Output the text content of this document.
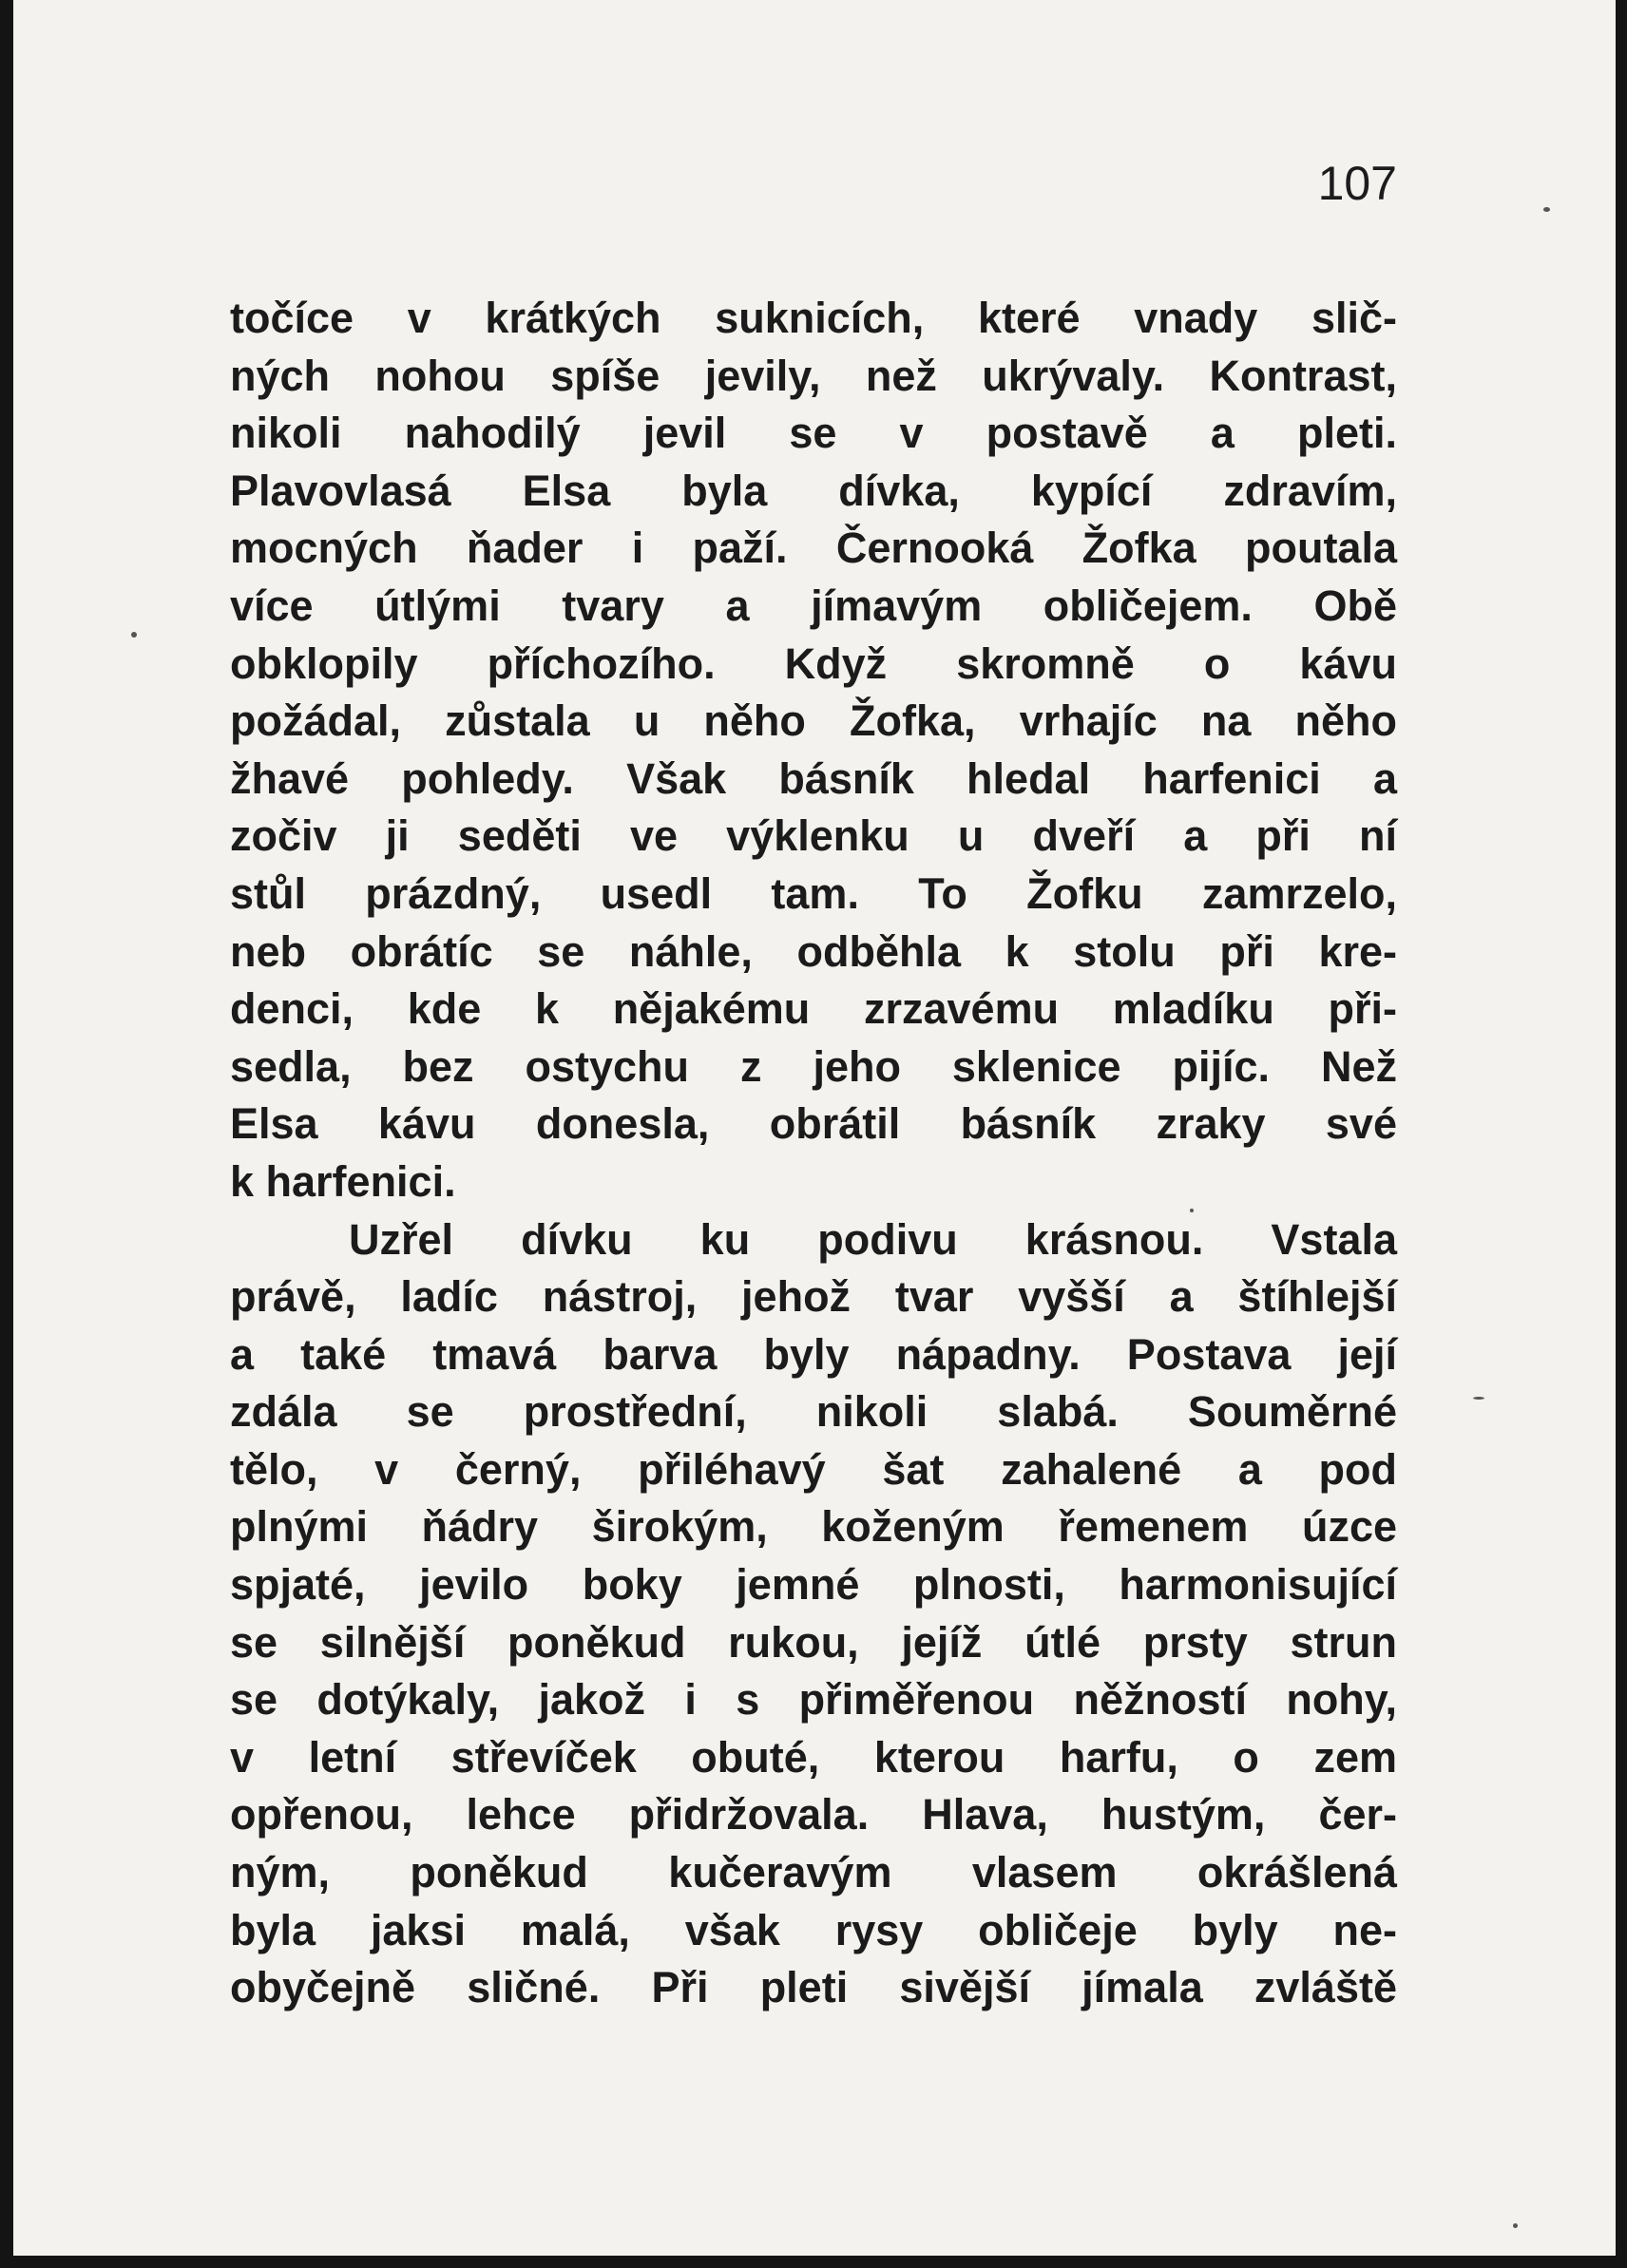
107
točíce v krátkých suknicích, které vnady slič-
ných nohou spíše jevily, než ukrývaly. Kontrast,
nikoli nahodilý jevil se v postavě a pleti.
Plavovlasá Elsa byla dívka, kypící zdravím,
mocných ňader i paží. Černooká Žofka poutala
více útlými tvary a jímavým obličejem. Obě
obklopily příchozího. Když skromně o kávu
požádal, zůstala u něho Žofka, vrhajíc na něho
žhavé pohledy. Však básník hledal harfenici a
zočiv ji seděti ve výklenku u dveří a při ní
stůl prázdný, usedl tam. To Žofku zamrzelo,
neb obrátíc se náhle, odběhla k stolu při kre-
denci, kde k nějakému zrzavému mladíku při-
sedla, bez ostychu z jeho sklenice pijíc. Než
Elsa kávu donesla, obrátil básník zraky své
k harfenici.
Uzřel dívku ku podivu krásnou. Vstala
právě, ladíc nástroj, jehož tvar vyšší a štíhlejší
a také tmavá barva byly nápadny. Postava její
zdála se prostřední, nikoli slabá. Souměrné
tělo, v černý, přiléhavý šat zahalené a pod
plnými ňádry širokým, koženým řemenem úzce
spjaté, jevilo boky jemné plnosti, harmonisující
se silnější poněkud rukou, jejíž útlé prsty strun
se dotýkaly, jakož i s přiměřenou něžností nohy,
v letní střevíček obuté, kterou harfu, o zem
opřenou, lehce přidržovala. Hlava, hustým, čer-
ným, poněkud kučeravým vlasem okrášlená
byla jaksi malá, však rysy obličeje byly ne-
obyčejně sličné. Při pleti sivější jímala zvláště
